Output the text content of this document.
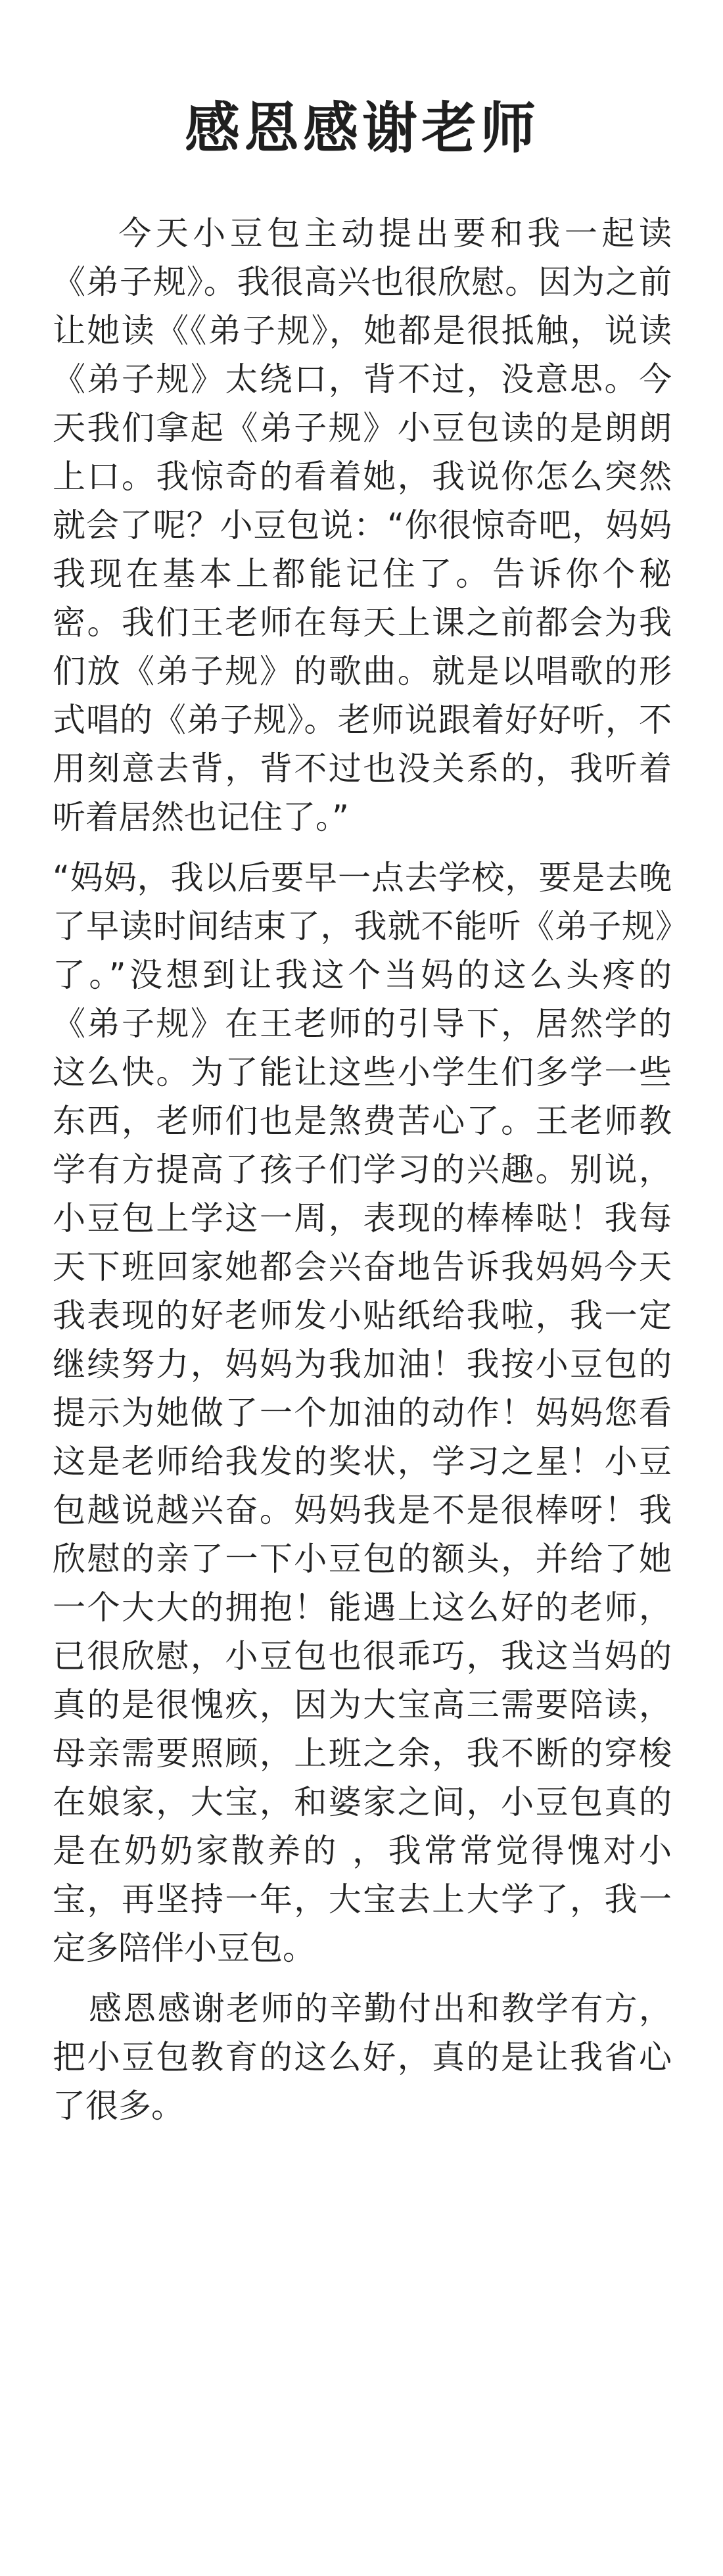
感恩感谢老师

今天小豆包主动提出要和我一起读《弟子规》。我很高兴也很欣慰。因为之前让她读《《弟子规》，她都是很抵触，说读《弟子规》太绕口，背不过，没意思。今天我们拿起《弟子规》小豆包读的是朗朗上口。我惊奇的看着她，我说你怎么突然就会了呢？小豆包说：“你很惊奇吧，妈妈我现在基本上都能记住了。告诉你个秘密。我们王老师在每天上课之前都会为我们放《弟子规》的歌曲。就是以唱歌的形式唱的《弟子规》。老师说跟着好好听，不用刻意去背，背不过也没关系的，我听着听着居然也记住了。”

“妈妈，我以后要早一点去学校，要是去晚了早读时间结束了，我就不能听《弟子规》了。”没想到让我这个当妈的这么头疼的《弟子规》在王老师的引导下，居然学的这么快。为了能让这些小学生们多学一些东西，老师们也是煞费苦心了。王老师教学有方提高了孩子们学习的兴趣。别说，小豆包上学这一周，表现的棒棒哒！我每天下班回家她都会兴奋地告诉我妈妈今天我表现的好老师发小贴纸给我啦，我一定继续努力，妈妈为我加油！我按小豆包的提示为她做了一个加油的动作！妈妈您看这是老师给我发的奖状，学习之星！小豆包越说越兴奋。妈妈我是不是很棒呀！我欣慰的亲了一下小豆包的额头，并给了她一个大大的拥抱！能遇上这么好的老师，已很欣慰，小豆包也很乖巧，我这当妈的真的是很愧疚，因为大宝高三需要陪读，母亲需要照顾，上班之余，我不断的穿梭在娘家，大宝，和婆家之间，小豆包真的是在奶奶家散养的 ，我常常觉得愧对小宝，再坚持一年，大宝去上大学了，我一定多陪伴小豆包。

感恩感谢老师的辛勤付出和教学有方，把小豆包教育的这么好，真的是让我省心了很多。
